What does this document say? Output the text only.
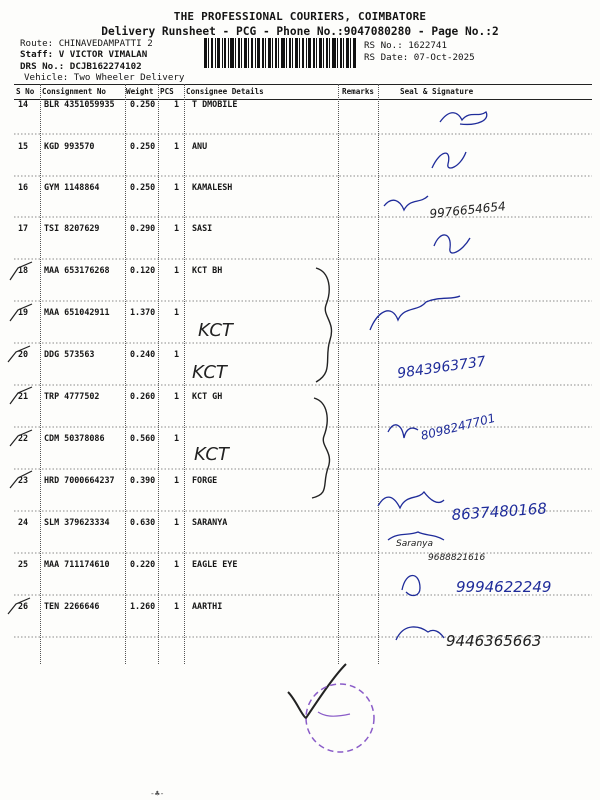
THE PROFESSIONAL COURIERS, COIMBATORE
Delivery Runsheet - PCG - Phone No.:9047080280 - Page No.:2
Route: CHINAVEDAMPATTI 2
Staff: V VICTOR VIMALAN
DRS No.: DCJB162274102
Vehicle: Two Wheeler Delivery
RS No.: 1622741
RS Date: 07-Oct-2025
S No Consignment No	Weight PCS Consignee Details	Remarks	Seal & Signature
14 BLR 4351059935 0.250 1 T DMOBILE
15 KGD 993570	0.250 1 ANU
16 GYM 1148864	0.250 1 KAMALESH
17 TSI 8207629	0.290 1 SASI
18 MAA 653176268 0.120 1 KCT BH
19 MAA 651042911 1.370 1
20 DDG 573563	0.240 1
21 TRP 4777502	0.260 1 KCT GH
22 CDM 50378086	0.560 1
23 HRD 7000664237 0.390 1 FORGE
24 SLM 379623334 0.630 1 SARANYA
25 MAA 711174610 0.220 1 EAGLE EYE
26 TEN 2266646	1.260 1 AARTHI
KCT
KCT
KCT
9976654654
9843963737
8098247701
8637480168
Saranya
9688821616
9994622249
9446365663
-♣-
